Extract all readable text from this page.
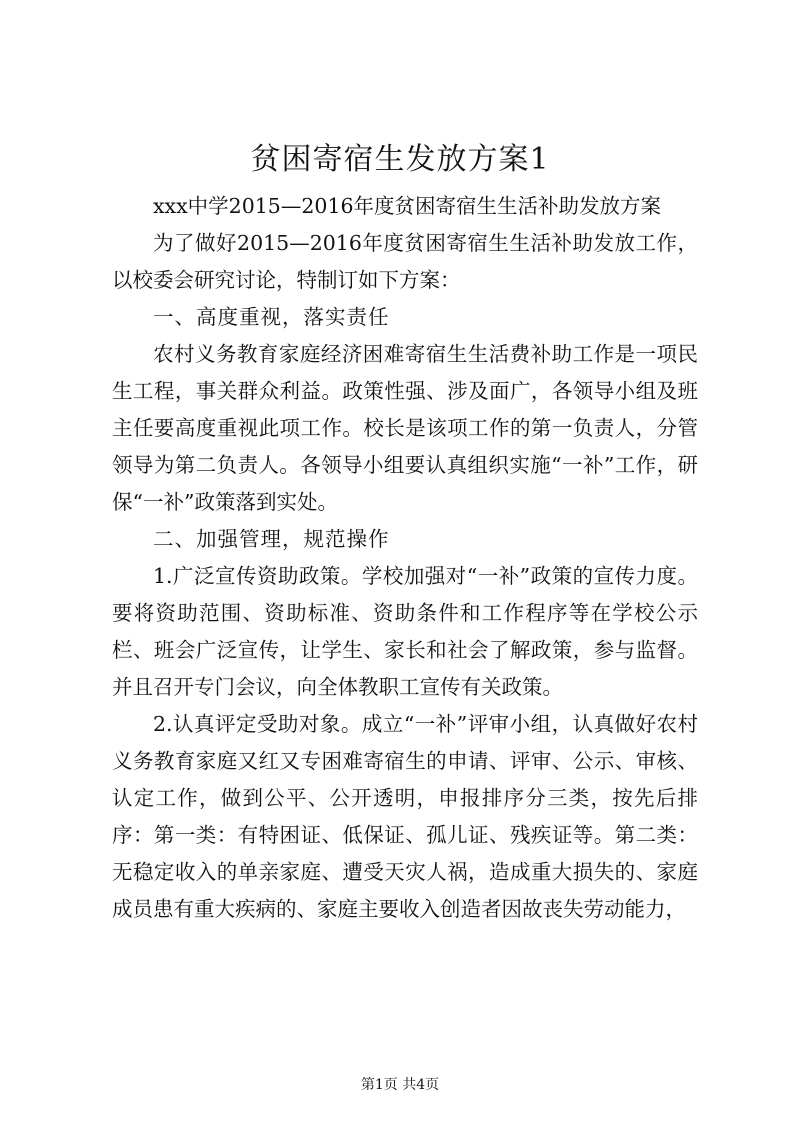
贫困寄宿生发放方案1

xxx中学2015—2016年度贫困寄宿生生活补助发放方案

为了做好2015—2016年度贫困寄宿生生活补助发放工作，以校委会研究讨论，特制订如下方案：

一、高度重视，落实责任

农村义务教育家庭经济困难寄宿生生活费补助工作是一项民生工程，事关群众利益。政策性强、涉及面广，各领导小组及班主任要高度重视此项工作。校长是该项工作的第一负责人，分管领导为第二负责人。各领导小组要认真组织实施“一补”工作，研保“一补”政策落到实处。

二、加强管理，规范操作

1.广泛宣传资助政策。学校加强对“一补”政策的宣传力度。要将资助范围、资助标准、资助条件和工作程序等在学校公示栏、班会广泛宣传，让学生、家长和社会了解政策，参与监督。并且召开专门会议，向全体教职工宣传有关政策。

2.认真评定受助对象。成立“一补”评审小组，认真做好农村义务教育家庭又红又专困难寄宿生的申请、评审、公示、审核、认定工作，做到公平、公开透明，申报排序分三类，按先后排序：第一类：有特困证、低保证、孤儿证、残疾证等。第二类：无稳定收入的单亲家庭、遭受天灾人祸，造成重大损失的、家庭成员患有重大疾病的、家庭主要收入创造者因故丧失劳动能力，

第1页 共4页
